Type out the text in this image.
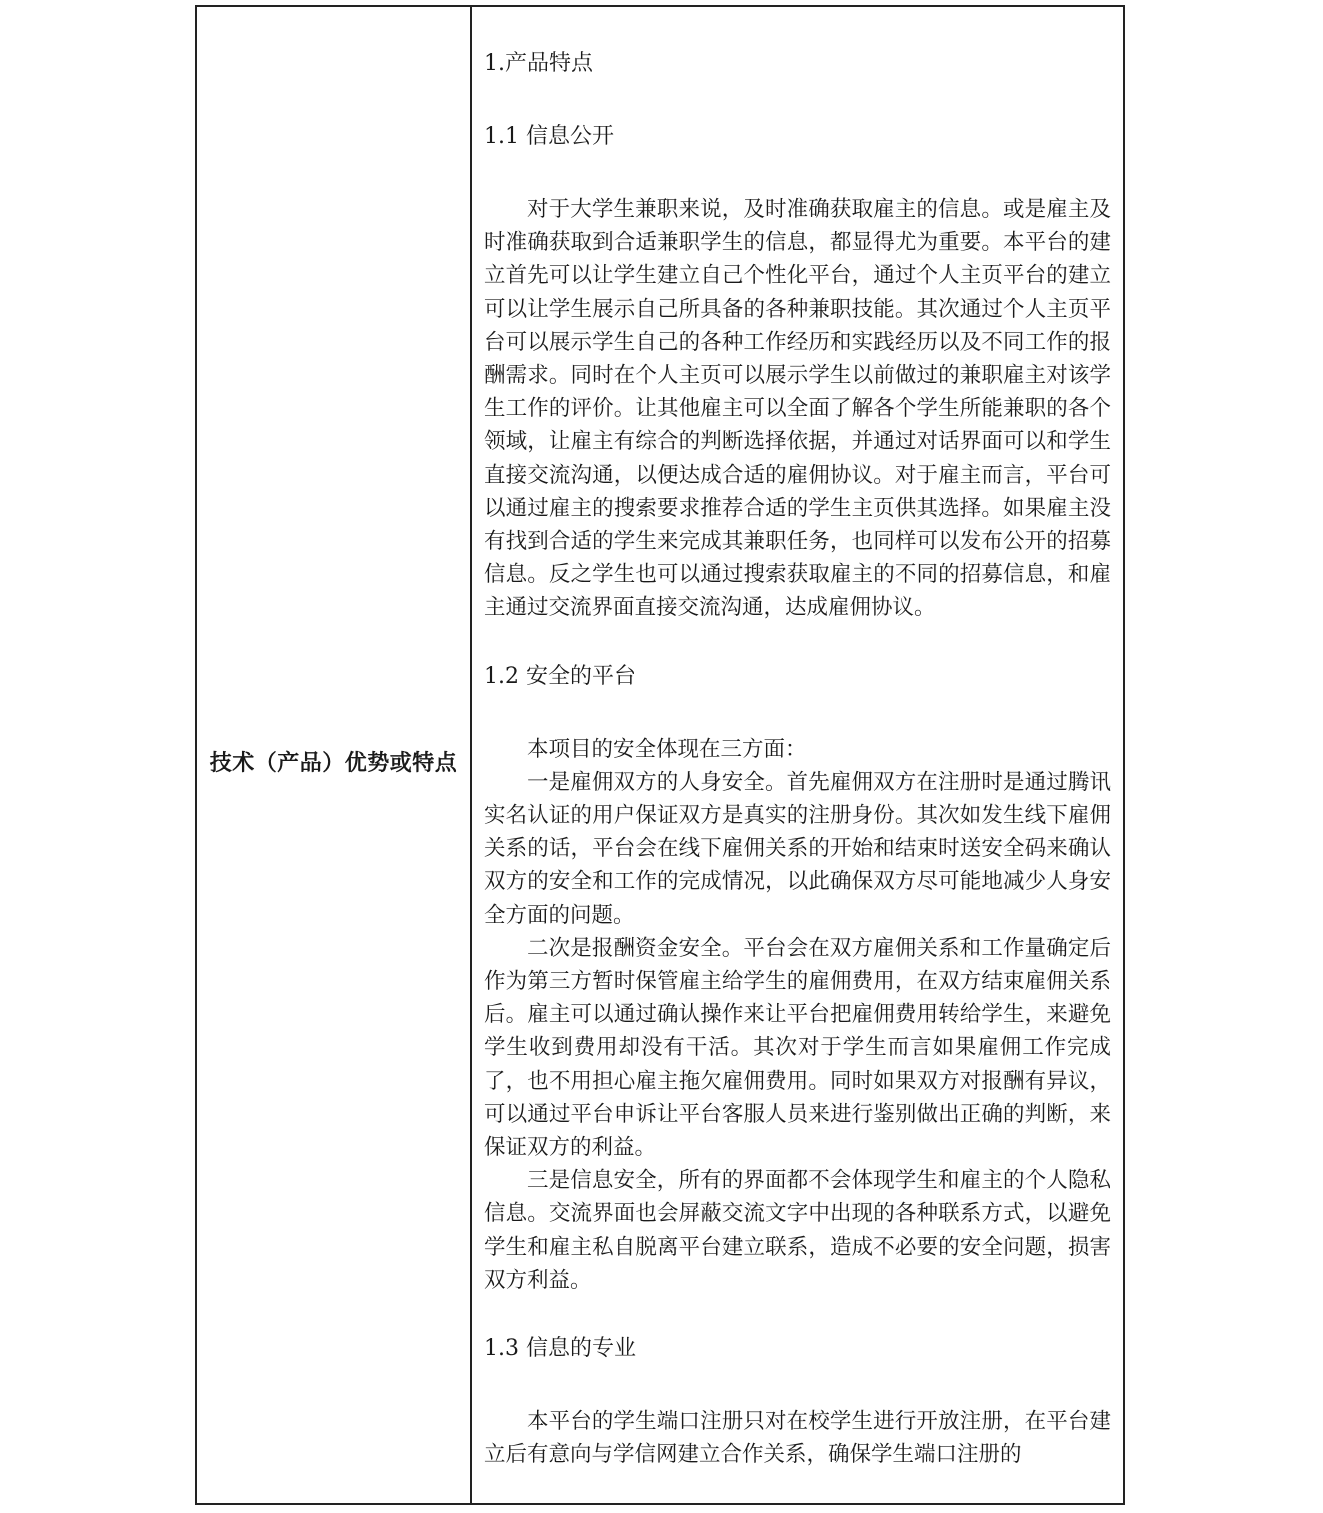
技术（产品）优势或特点

1.产品特点

1.1 信息公开

对于大学生兼职来说，及时准确获取雇主的信息。或是雇主及时准确获取到合适兼职学生的信息，都显得尤为重要。本平台的建立首先可以让学生建立自己个性化平台，通过个人主页平台的建立可以让学生展示自己所具备的各种兼职技能。其次通过个人主页平台可以展示学生自己的各种工作经历和实践经历以及不同工作的报酬需求。同时在个人主页可以展示学生以前做过的兼职雇主对该学生工作的评价。让其他雇主可以全面了解各个学生所能兼职的各个领域，让雇主有综合的判断选择依据，并通过对话界面可以和学生直接交流沟通，以便达成合适的雇佣协议。对于雇主而言，平台可以通过雇主的搜索要求推荐合适的学生主页供其选择。如果雇主没有找到合适的学生来完成其兼职任务，也同样可以发布公开的招募信息。反之学生也可以通过搜索获取雇主的不同的招募信息，和雇主通过交流界面直接交流沟通，达成雇佣协议。

1.2 安全的平台

本项目的安全体现在三方面：

一是雇佣双方的人身安全。首先雇佣双方在注册时是通过腾讯实名认证的用户保证双方是真实的注册身份。其次如发生线下雇佣关系的话，平台会在线下雇佣关系的开始和结束时送安全码来确认双方的安全和工作的完成情况，以此确保双方尽可能地减少人身安全方面的问题。

二次是报酬资金安全。平台会在双方雇佣关系和工作量确定后作为第三方暂时保管雇主给学生的雇佣费用，在双方结束雇佣关系后。雇主可以通过确认操作来让平台把雇佣费用转给学生，来避免学生收到费用却没有干活。其次对于学生而言如果雇佣工作完成了，也不用担心雇主拖欠雇佣费用。同时如果双方对报酬有异议，可以通过平台申诉让平台客服人员来进行鉴别做出正确的判断，来保证双方的利益。

三是信息安全，所有的界面都不会体现学生和雇主的个人隐私信息。交流界面也会屏蔽交流文字中出现的各种联系方式，以避免学生和雇主私自脱离平台建立联系，造成不必要的安全问题，损害双方利益。

1.3 信息的专业

本平台的学生端口注册只对在校学生进行开放注册，在平台建立后有意向与学信网建立合作关系，确保学生端口注册的
